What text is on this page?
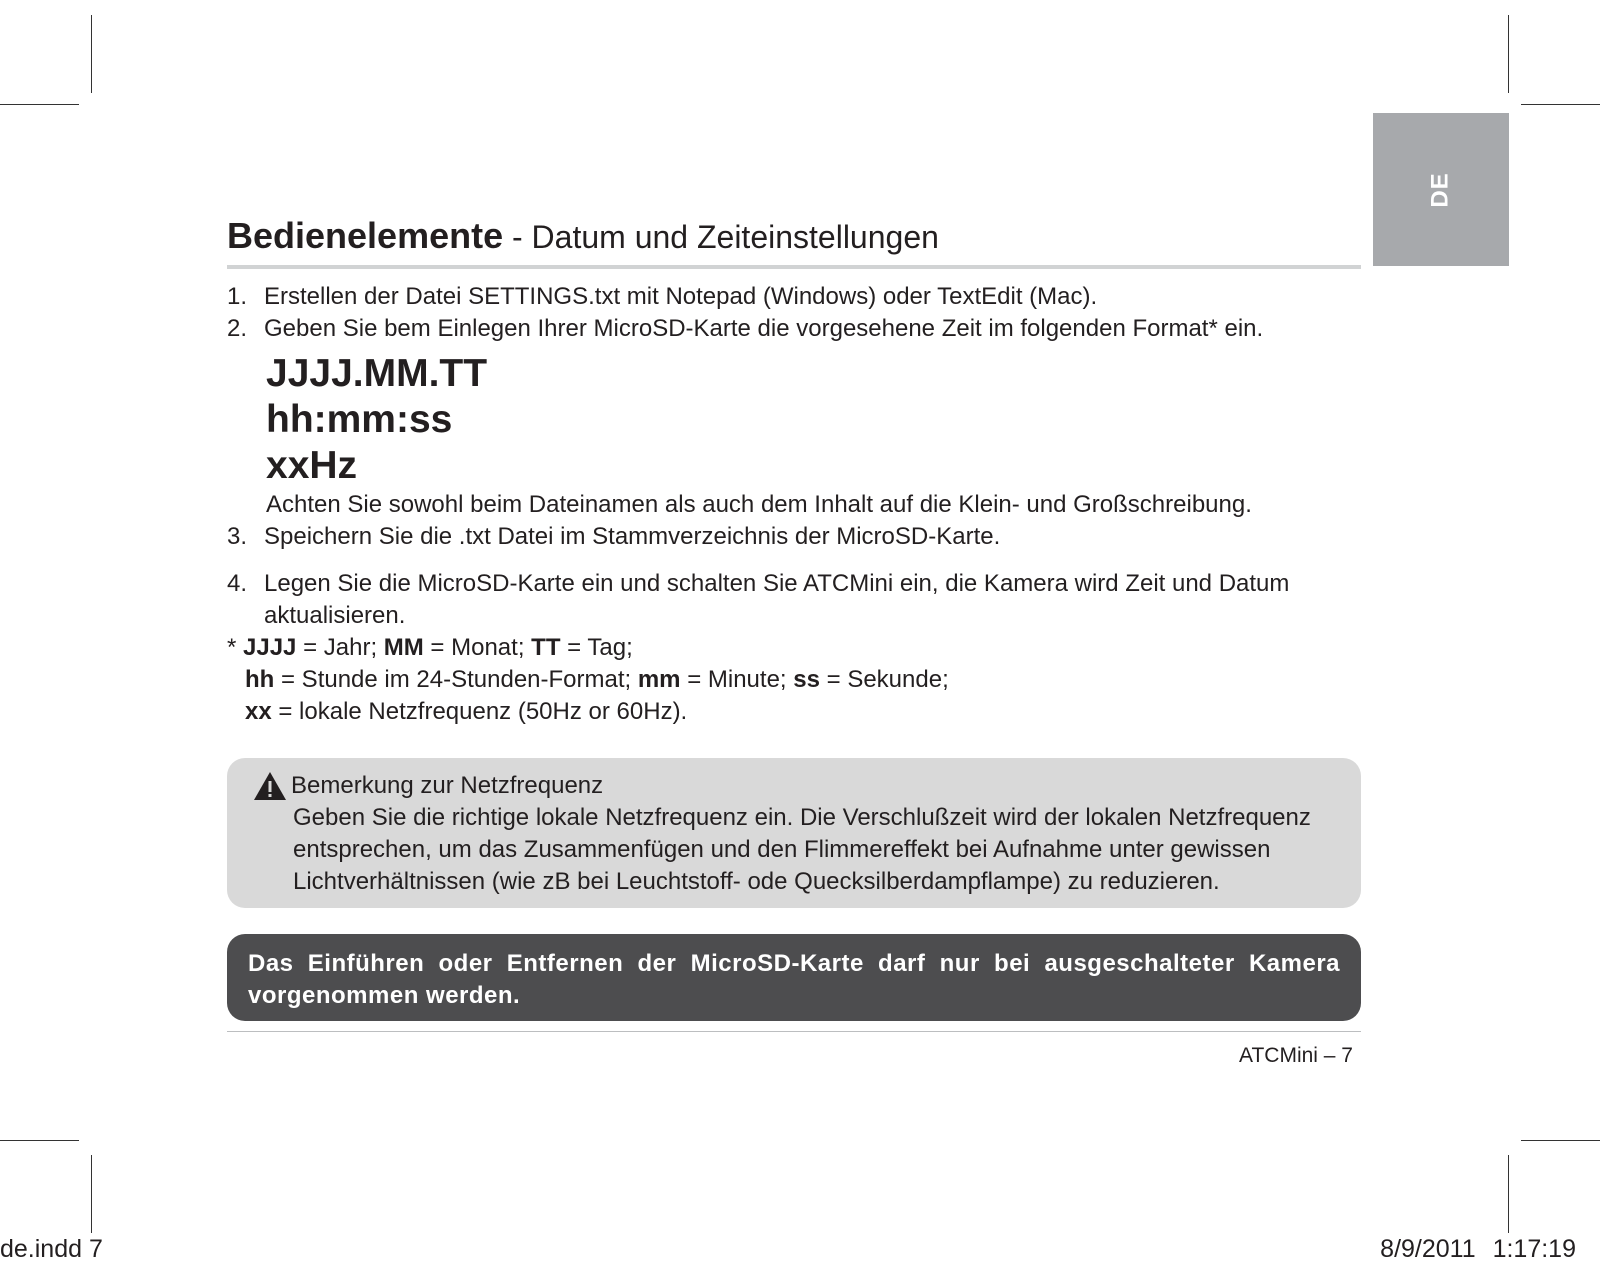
DE
Bedienelemente - Datum und Zeiteinstellungen
1. Erstellen der Datei SETTINGS.txt mit Notepad (Windows) oder TextEdit (Mac).
2. Geben Sie bem Einlegen Ihrer MicroSD-Karte die vorgesehene Zeit im folgenden Format* ein.
JJJJ.MM.TT
hh:mm:ss
xxHz
Achten Sie sowohl beim Dateinamen als auch dem Inhalt auf die Klein- und Großschreibung.
3. Speichern Sie die .txt Datei im Stammverzeichnis der MicroSD-Karte.
4. Legen Sie die MicroSD-Karte ein und schalten Sie ATCMini ein, die Kamera wird Zeit und Datum aktualisieren.
* JJJJ = Jahr; MM = Monat; TT = Tag;
hh = Stunde im 24-Stunden-Format; mm = Minute; ss = Sekunde;
xx = lokale Netzfrequenz (50Hz or 60Hz).
Bemerkung zur Netzfrequenz
Geben Sie die richtige lokale Netzfrequenz ein. Die Verschlußzeit wird der lokalen Netzfrequenz entsprechen, um das Zusammenfügen und den Flimmereffekt bei Aufnahme unter gewissen Lichtverhältnissen (wie zB bei Leuchtstoff- ode Quecksilberdampflampe) zu reduzieren.
Das Einführen oder Entfernen der MicroSD-Karte darf nur bei ausgeschalteter Kamera vorgenommen werden.
ATCMini – 7
de.indd 7	8/9/2011 1:17:19
